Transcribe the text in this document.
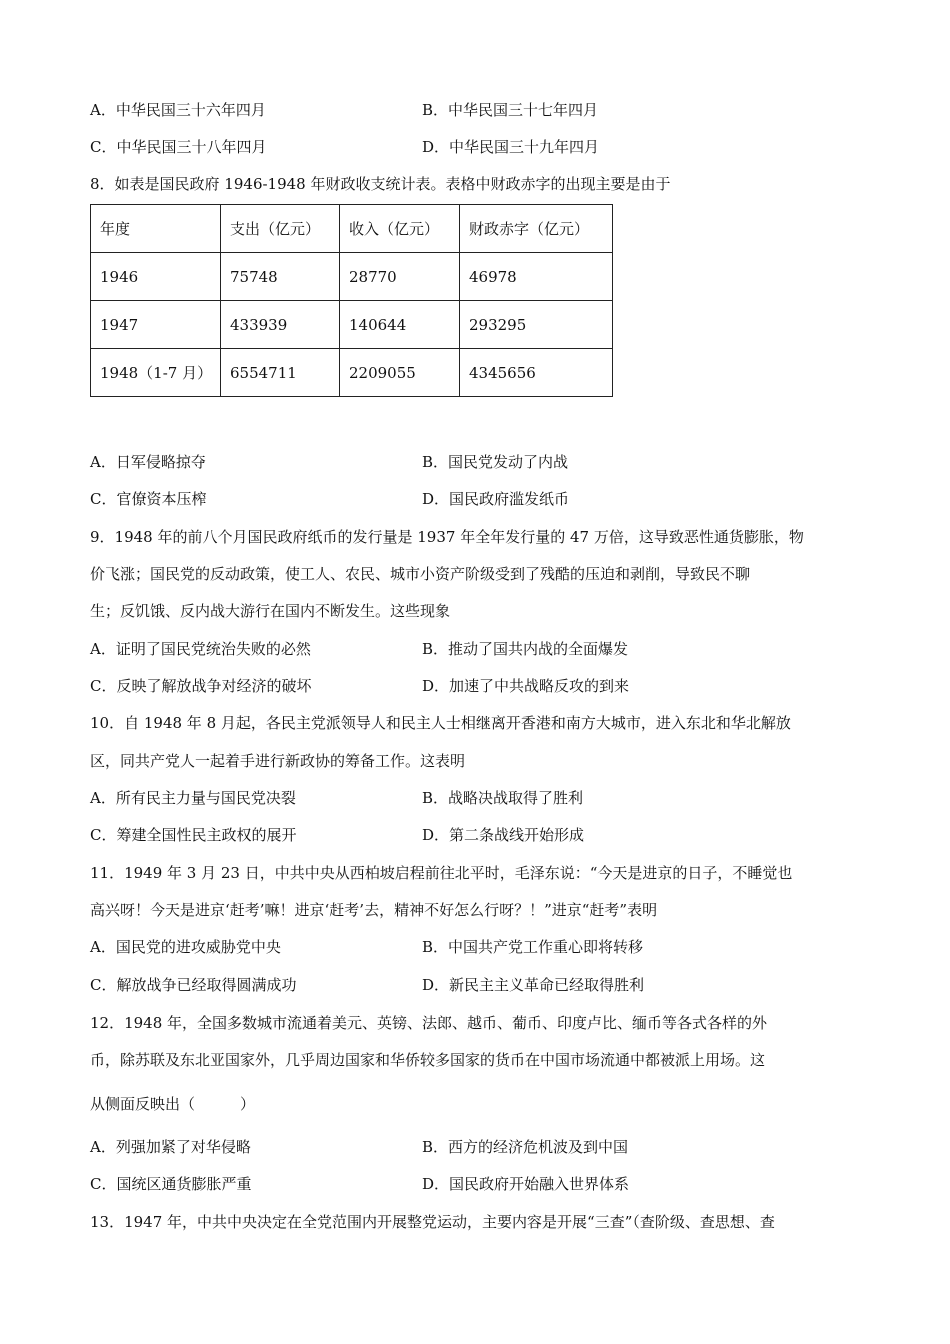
A．中华民国三十六年四月	B．中华民国三十七年四月
C．中华民国三十八年四月	D．中华民国三十九年四月
8．如表是国民政府 1946-1948 年财政收支统计表。表格中财政赤字的出现主要是由于
年度	支出（亿元）	收入（亿元）	财政赤字（亿元）
1946	75748	28770	46978
1947	433939	140644	293295
1948（1-7 月）	6554711	2209055	4345656
A．日军侵略掠夺	B．国民党发动了内战
C．官僚资本压榨	D．国民政府滥发纸币
9．1948 年的前八个月国民政府纸币的发行量是 1937 年全年发行量的 47 万倍，这导致恶性通货膨胀，物
价飞涨；国民党的反动政策，使工人、农民、城市小资产阶级受到了残酷的压迫和剥削，导致民不聊
生；反饥饿、反内战大游行在国内不断发生。这些现象
A．证明了国民党统治失败的必然	B．推动了国共内战的全面爆发
C．反映了解放战争对经济的破坏	D．加速了中共战略反攻的到来
10．自 1948 年 8 月起，各民主党派领导人和民主人士相继离开香港和南方大城市，进入东北和华北解放
区，同共产党人一起着手进行新政协的筹备工作。这表明
A．所有民主力量与国民党决裂	B．战略决战取得了胜利
C．筹建全国性民主政权的展开	D．第二条战线开始形成
11．1949 年 3 月 23 日，中共中央从西柏坡启程前往北平时，毛泽东说：“今天是进京的日子，不睡觉也
高兴呀！今天是进京‘赶考’嘛！进京‘赶考’去，精神不好怎么行呀？！”进京“赶考”表明
A．国民党的进攻威胁党中央	B．中国共产党工作重心即将转移
C．解放战争已经取得圆满成功	D．新民主主义革命已经取得胜利
12．1948 年，全国多数城市流通着美元、英镑、法郎、越币、葡币、印度卢比、缅币等各式各样的外
币，除苏联及东北亚国家外，几乎周边国家和华侨较多国家的货币在中国市场流通中都被派上用场。这
从侧面反映出（　　　）
A．列强加紧了对华侵略	B．西方的经济危机波及到中国
C．国统区通货膨胀严重	D．国民政府开始融入世界体系
13．1947 年，中共中央决定在全党范围内开展整党运动，主要内容是开展“三查”（查阶级、查思想、查
